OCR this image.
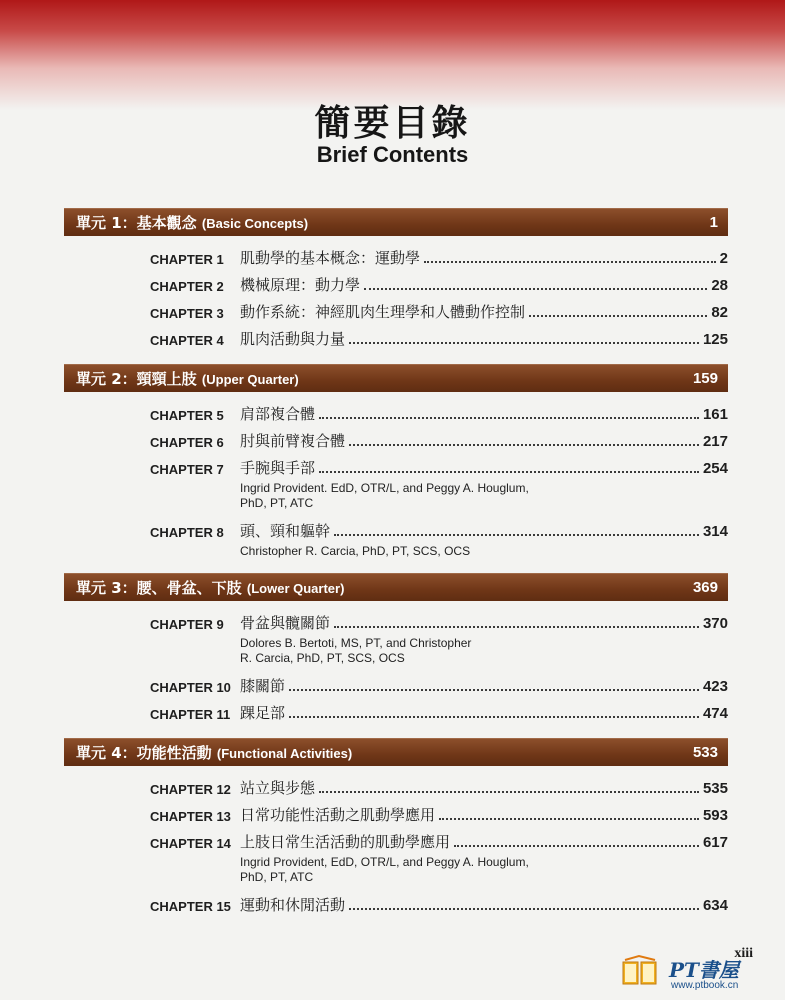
簡要目錄
Brief Contents
單元 1：基本觀念 (Basic Concepts)	1
CHAPTER 1	肌動學的基本概念：運動學	2
CHAPTER 2	機械原理：動力學	28
CHAPTER 3	動作系統：神經肌肉生理學和人體動作控制	82
CHAPTER 4	肌肉活動與力量	125
單元 2：頸頸上肢 (Upper Quarter)	159
CHAPTER 5	肩部複合體	161
CHAPTER 6	肘與前臂複合體	217
CHAPTER 7	手腕與手部	254
Ingrid Provident. EdD, OTR/L, and Peggy A. Houglum,
PhD, PT, ATC
CHAPTER 8	頭、頸和軀幹	314
Christopher R. Carcia, PhD, PT, SCS, OCS
單元 3：腰、骨盆、下肢 (Lower Quarter)	369
CHAPTER 9	骨盆與髖關節	370
Dolores B. Bertoti, MS, PT, and Christopher
R. Carcia, PhD, PT, SCS, OCS
CHAPTER 10 膝關節	423
CHAPTER 11 踝足部	474
單元 4：功能性活動 (Functional Activities)	533
CHAPTER 12 站立與步態	535
CHAPTER 13 日常功能性活動之肌動學應用	593
CHAPTER 14 上肢日常生活活動的肌動學應用	617
Ingrid Provident, EdD, OTR/L, and Peggy A. Houglum,
PhD, PT, ATC
CHAPTER 15 運動和休閒活動	634
PT書屋
www.ptbook.cn
xiii
